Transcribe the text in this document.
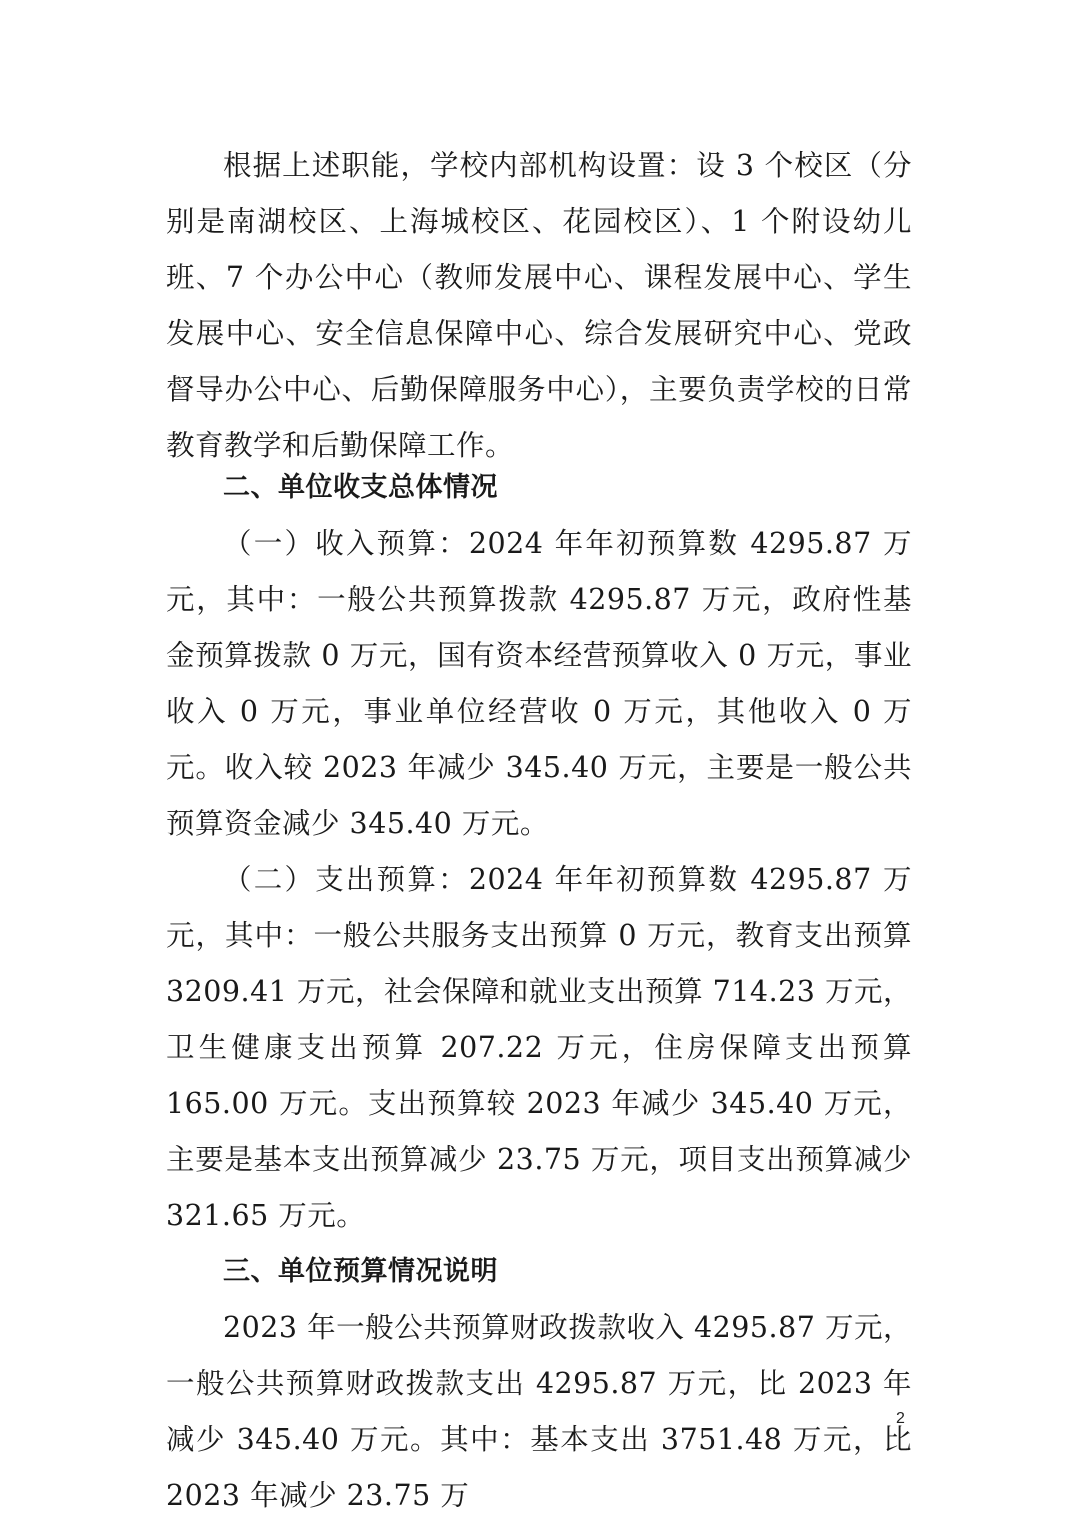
根据上述职能，学校内部机构设置：设 3 个校区（分别是南湖校区、上海城校区、花园校区）、1 个附设幼儿班、7 个办公中心（教师发展中心、课程发展中心、学生发展中心、安全信息保障中心、综合发展研究中心、党政督导办公中心、后勤保障服务中心），主要负责学校的日常教育教学和后勤保障工作。

二、单位收支总体情况

（一）收入预算：2024 年年初预算数 4295.87 万元，其中：一般公共预算拨款 4295.87 万元，政府性基金预算拨款 0 万元，国有资本经营预算收入 0 万元，事业收入 0 万元，事业单位经营收 0 万元，其他收入 0 万元。收入较 2023 年减少 345.40 万元，主要是一般公共预算资金减少 345.40 万元。

（二）支出预算：2024 年年初预算数 4295.87 万元，其中：一般公共服务支出预算 0 万元，教育支出预算 3209.41 万元，社会保障和就业支出预算 714.23 万元，卫生健康支出预算 207.22 万元，住房保障支出预算 165.00 万元。支出预算较 2023 年减少 345.40 万元，主要是基本支出预算减少 23.75 万元，项目支出预算减少 321.65 万元。

三、单位预算情况说明

2023 年一般公共预算财政拨款收入 4295.87 万元，一般公共预算财政拨款支出 4295.87 万元，比 2023 年减少 345.40 万元。其中：基本支出 3751.48 万元，比 2023 年减少 23.75 万

2
